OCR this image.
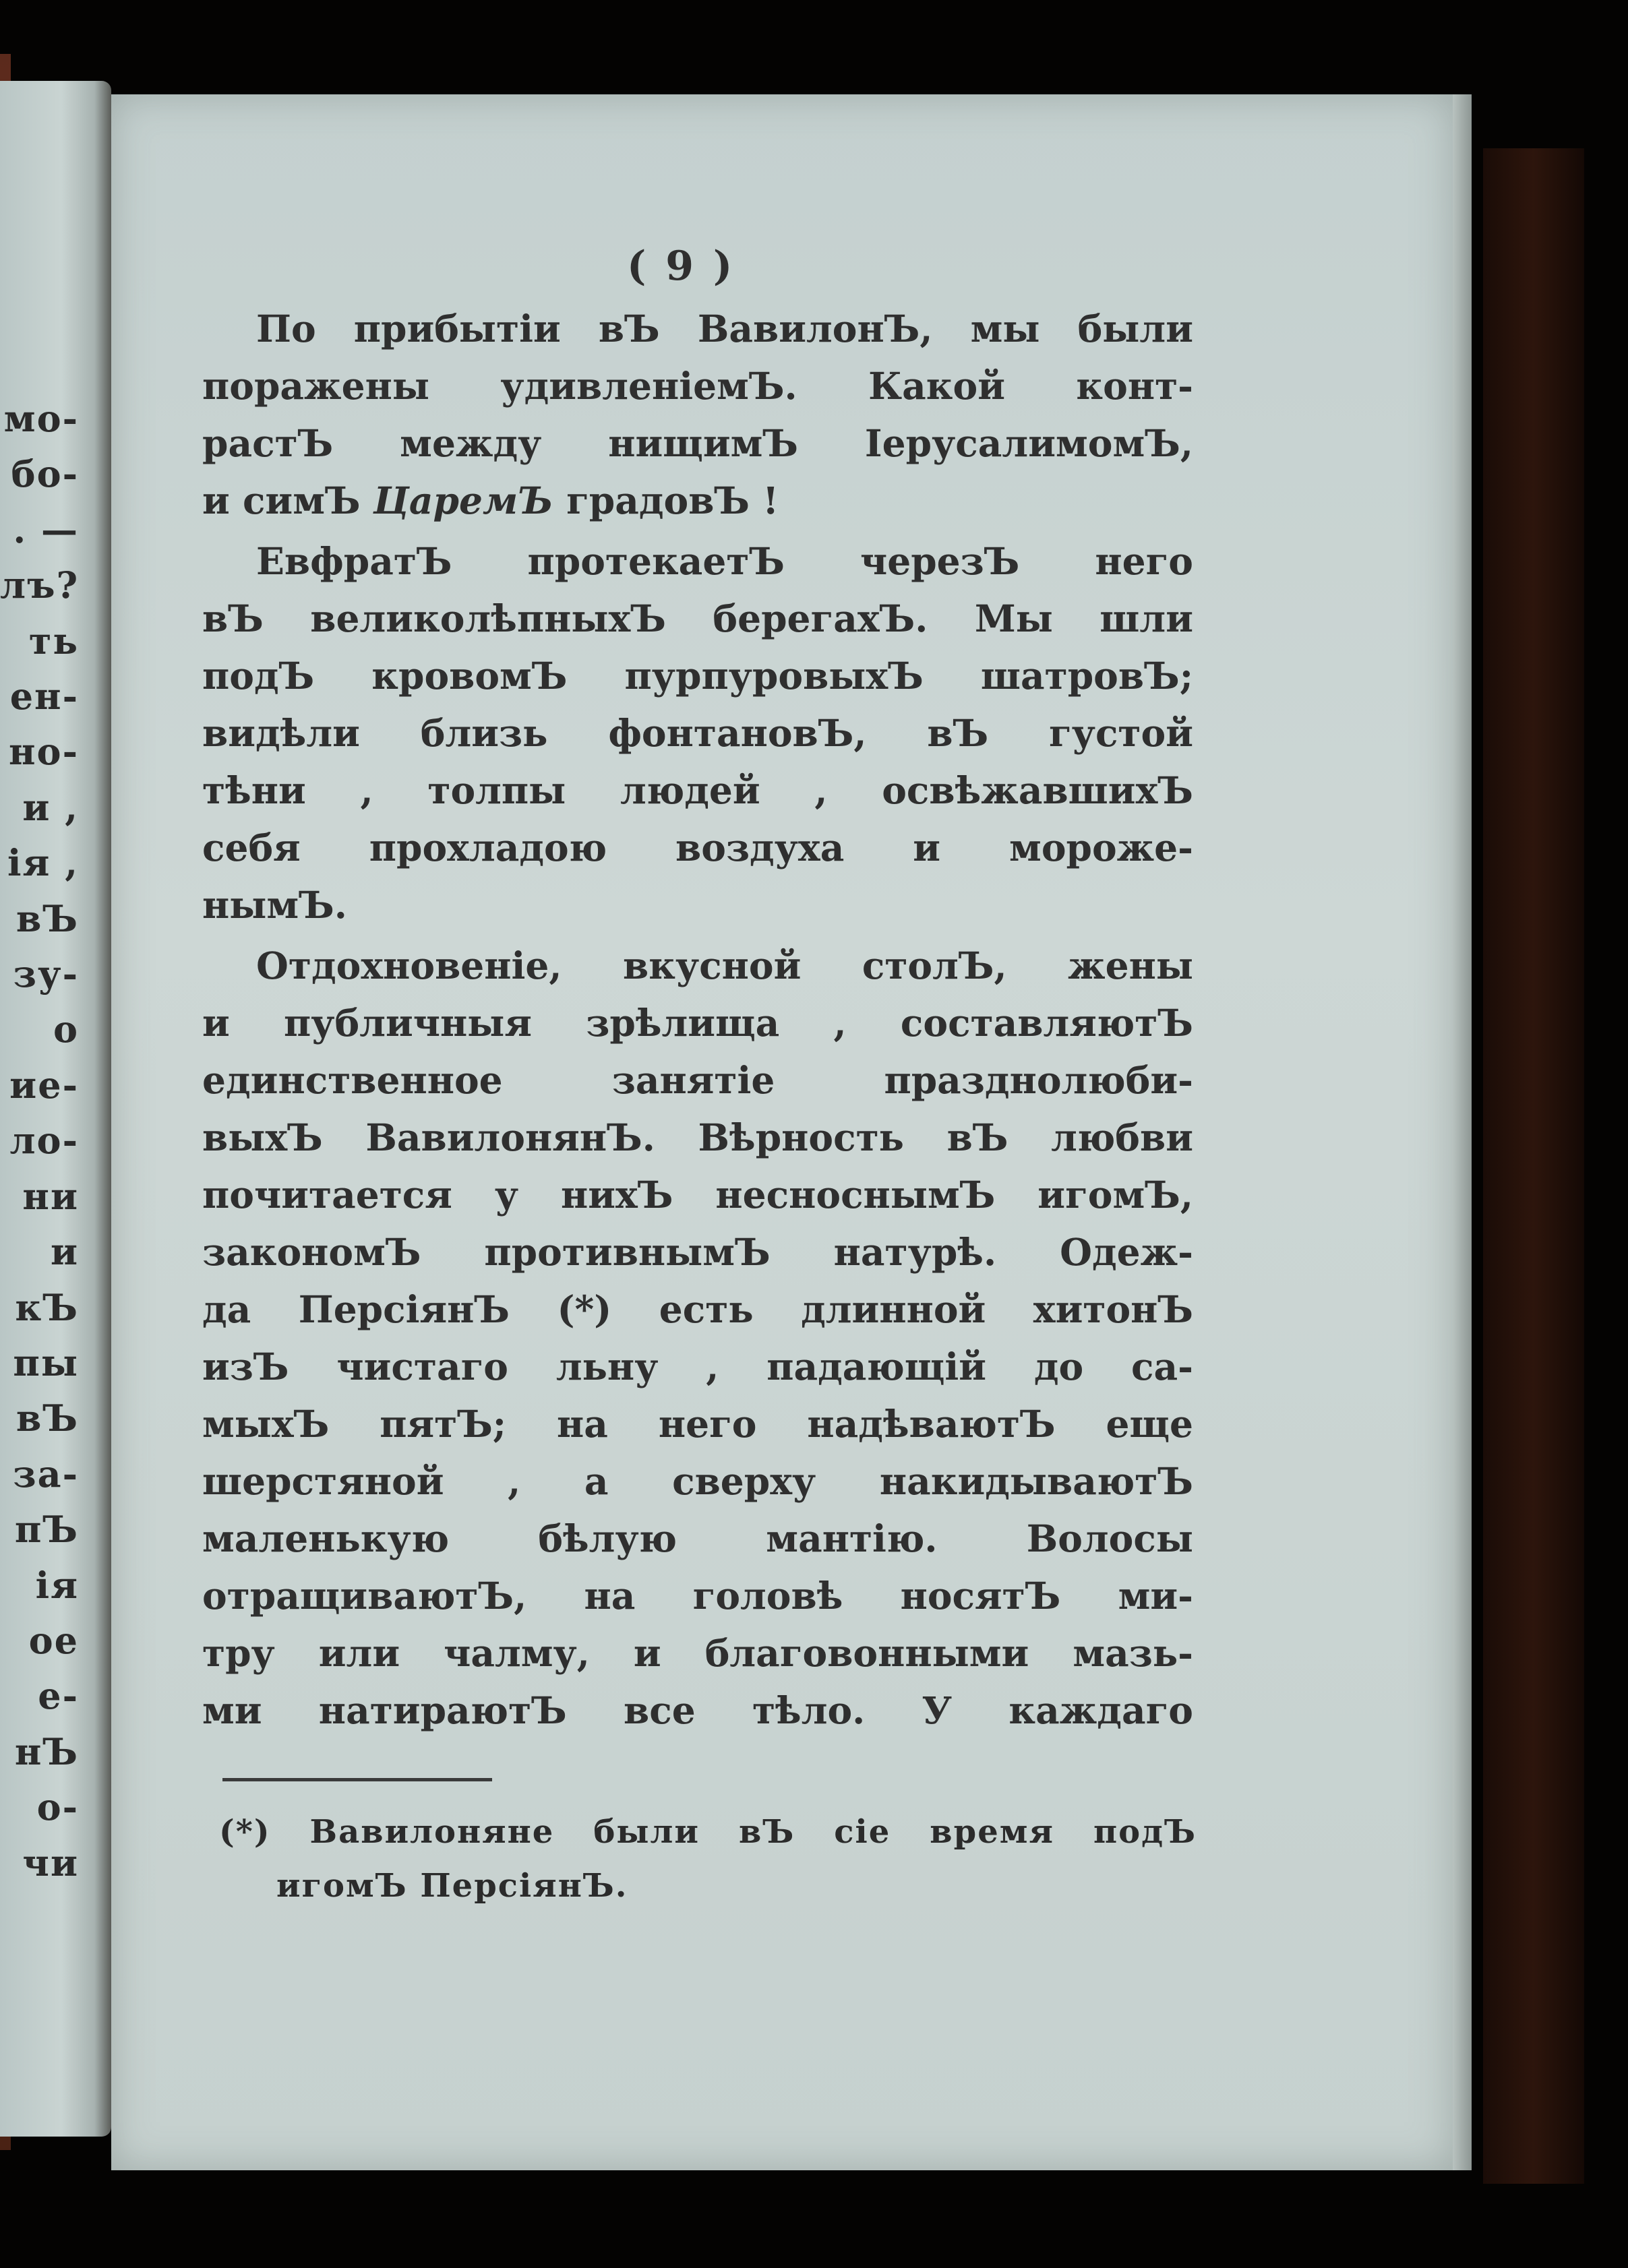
мо-
бо-
. —
лъ?
ть
ен-
но-
и ,
ія ,
вЪ
зу-
о
ие-
ло-
ни
и
кЪ
пы
вЪ
за-
пЪ
ія
ое
е-
нЪ
о-
чи
( 9 )
По прибытіи вЪ ВавилонЪ, мы были
поражены удивленіемЪ. Какой конт-
растЪ между нищимЪ ІерусалимомЪ,
и симЪ ЦаремЪ градовЪ !
ЕвфратЪ протекаетЪ черезЪ него
вЪ великолѣпныхЪ берегахЪ. Мы шли
подЪ кровомЪ пурпуровыхЪ шатровЪ;
видѣли близь фонтановЪ, вЪ густой
тѣни , толпы людей , освѣжавшихЪ
себя прохладою воздуха и мороже-
нымЪ.
Отдохновеніе, вкусной столЪ, жены
и публичныя зрѣлища , составляютЪ
единственное занятіе празднолюби-
выхЪ ВавилонянЪ. Вѣрность вЪ любви
почитается у нихЪ несноснымЪ игомЪ,
закономЪ противнымЪ натурѣ. Одеж-
да ПерсіянЪ (*) есть длинной хитонЪ
изЪ чистаго льну , падающій до са-
мыхЪ пятЪ; на него надѣваютЪ еще
шерстяной , а сверху накидываютЪ
маленькую бѣлую мантію. Волосы
отращиваютЪ, на головѣ носятЪ ми-
тру или чалму, и благовонными мазь-
ми натираютЪ все тѣло. У каждаго
(*) Вавилоняне были вЪ сіе время подЪ
игомЪ ПерсіянЪ.
